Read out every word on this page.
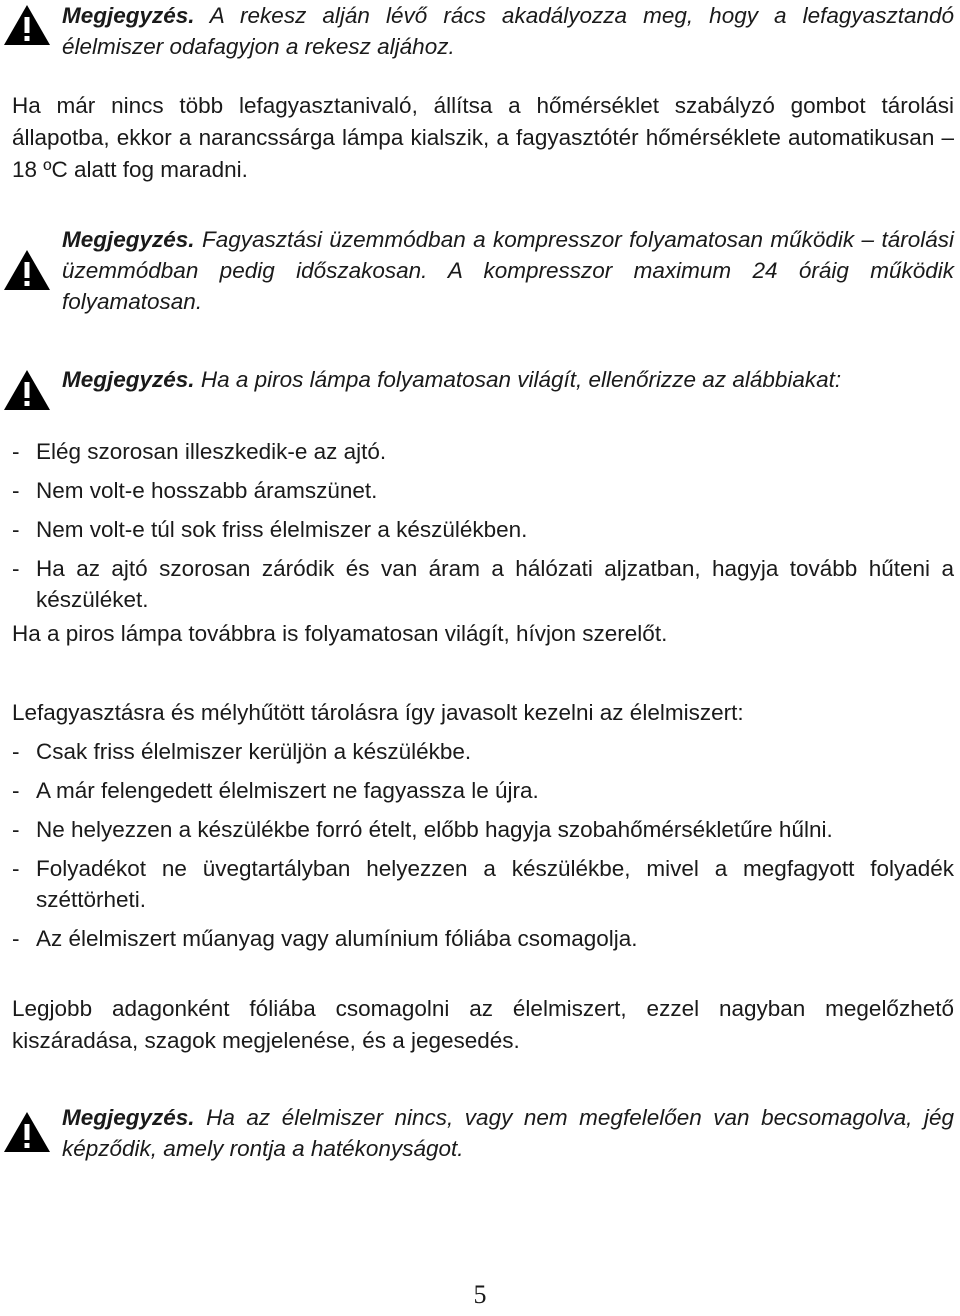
Megjegyzés. A rekesz alján lévő rács akadályozza meg, hogy a lefagyasztandó élelmiszer odafagyjon a rekesz aljához.
Ha már nincs több lefagyasztanivaló, állítsa a hőmérséklet szabályzó gombot tárolási állapotba, ekkor a narancssárga lámpa kialszik, a fagyasztótér hőmérséklete automatikusan –18 ºC alatt fog maradni.
Megjegyzés. Fagyasztási üzemmódban a kompresszor folyamatosan működik – tárolási üzemmódban pedig időszakosan. A kompresszor maximum 24 óráig működik folyamatosan.
Megjegyzés. Ha a piros lámpa folyamatosan világít, ellenőrizze az alábbiakat:
- Elég szorosan illeszkedik-e az ajtó.
- Nem volt-e hosszabb áramszünet.
- Nem volt-e túl sok friss élelmiszer a készülékben.
- Ha az ajtó szorosan záródik és van áram a hálózati aljzatban, hagyja tovább hűteni a készüléket.
Ha a piros lámpa továbbra is folyamatosan világít, hívjon szerelőt.
Lefagyasztásra és mélyhűtött tárolásra így javasolt kezelni az élelmiszert:
- Csak friss élelmiszer kerüljön a készülékbe.
- A már felengedett élelmiszert ne fagyassza le újra.
- Ne helyezzen a készülékbe forró ételt, előbb hagyja szobahőmérsékletűre hűlni.
- Folyadékot ne üvegtartályban helyezzen a készülékbe, mivel a megfagyott folyadék széttörheti.
- Az élelmiszert műanyag vagy alumínium fóliába csomagolja.
Legjobb adagonként fóliába csomagolni az élelmiszert, ezzel nagyban megelőzhető kiszáradása, szagok megjelenése, és a jegesedés.
Megjegyzés. Ha az élelmiszer nincs, vagy nem megfelelően van becsomagolva, jég képződik, amely rontja a hatékonyságot.
5
